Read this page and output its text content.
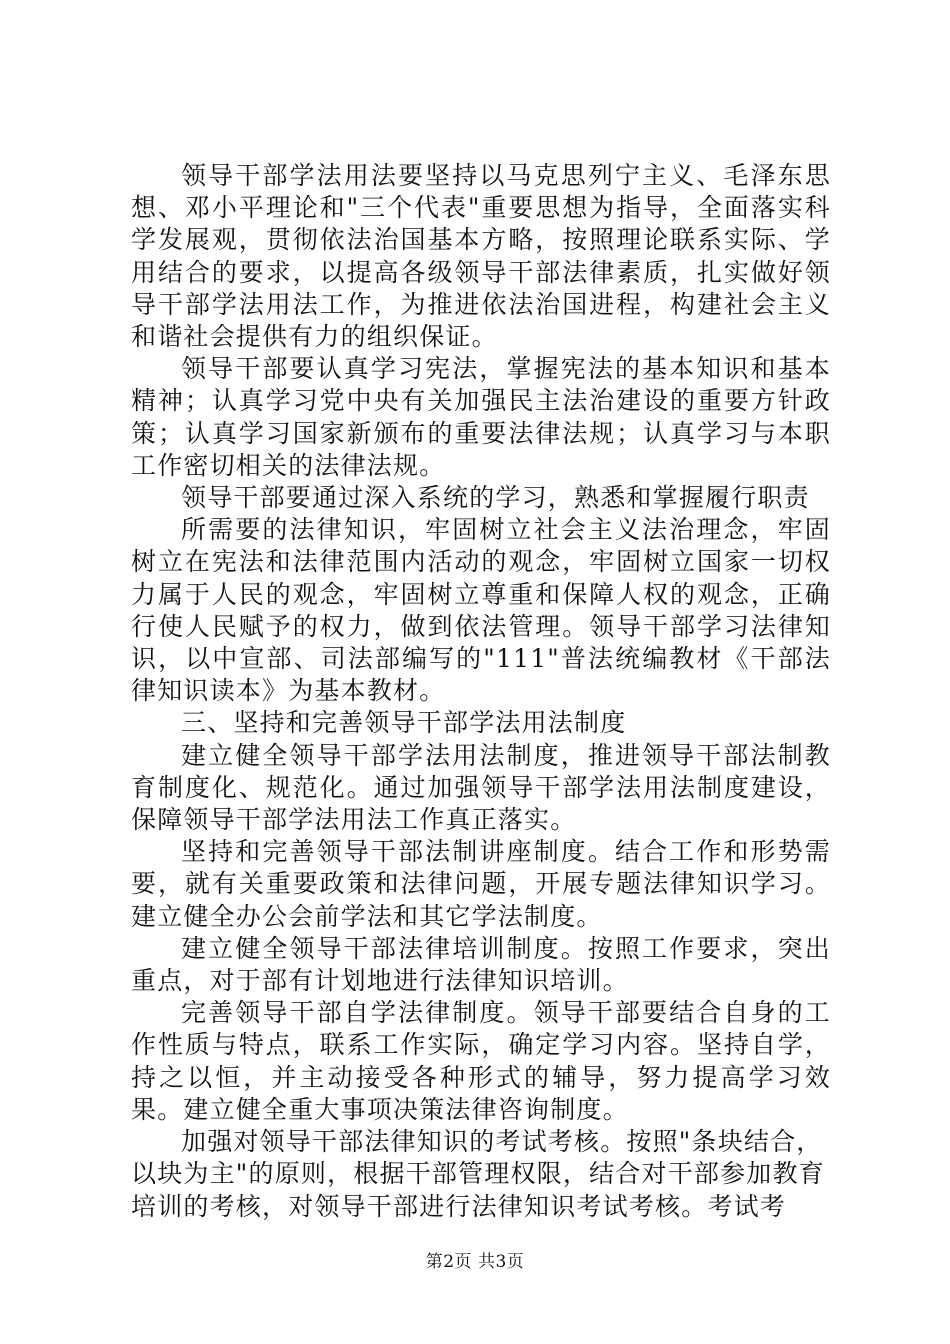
领导干部学法用法要坚持以马克思列宁主义、毛泽东思想、邓小平理论和"三个代表"重要思想为指导，全面落实科学发展观，贯彻依法治国基本方略，按照理论联系实际、学用结合的要求，以提高各级领导干部法律素质，扎实做好领导干部学法用法工作，为推进依法治国进程，构建社会主义和谐社会提供有力的组织保证。

领导干部要认真学习宪法，掌握宪法的基本知识和基本精神；认真学习党中央有关加强民主法治建设的重要方针政策；认真学习国家新颁布的重要法律法规；认真学习与本职工作密切相关的法律法规。

领导干部要通过深入系统的学习，熟悉和掌握履行职责

所需要的法律知识，牢固树立社会主义法治理念，牢固树立在宪法和法律范围内活动的观念，牢固树立国家一切权力属于人民的观念，牢固树立尊重和保障人权的观念，正确行使人民赋予的权力，做到依法管理。领导干部学习法律知识，以中宣部、司法部编写的"111"普法统编教材《干部法律知识读本》为基本教材。

三、坚持和完善领导干部学法用法制度

建立健全领导干部学法用法制度，推进领导干部法制教育制度化、规范化。通过加强领导干部学法用法制度建设，保障领导干部学法用法工作真正落实。

坚持和完善领导干部法制讲座制度。结合工作和形势需要，就有关重要政策和法律问题，开展专题法律知识学习。建立健全办公会前学法和其它学法制度。

建立健全领导干部法律培训制度。按照工作要求，突出重点，对于部有计划地进行法律知识培训。

完善领导干部自学法律制度。领导干部要结合自身的工作性质与特点，联系工作实际，确定学习内容。坚持自学，持之以恒，并主动接受各种形式的辅导，努力提高学习效果。建立健全重大事项决策法律咨询制度。

加强对领导干部法律知识的考试考核。按照"条块结合，以块为主"的原则，根据干部管理权限，结合对干部参加教育培训的考核，对领导干部进行法律知识考试考核。考试考

第2页 共3页
